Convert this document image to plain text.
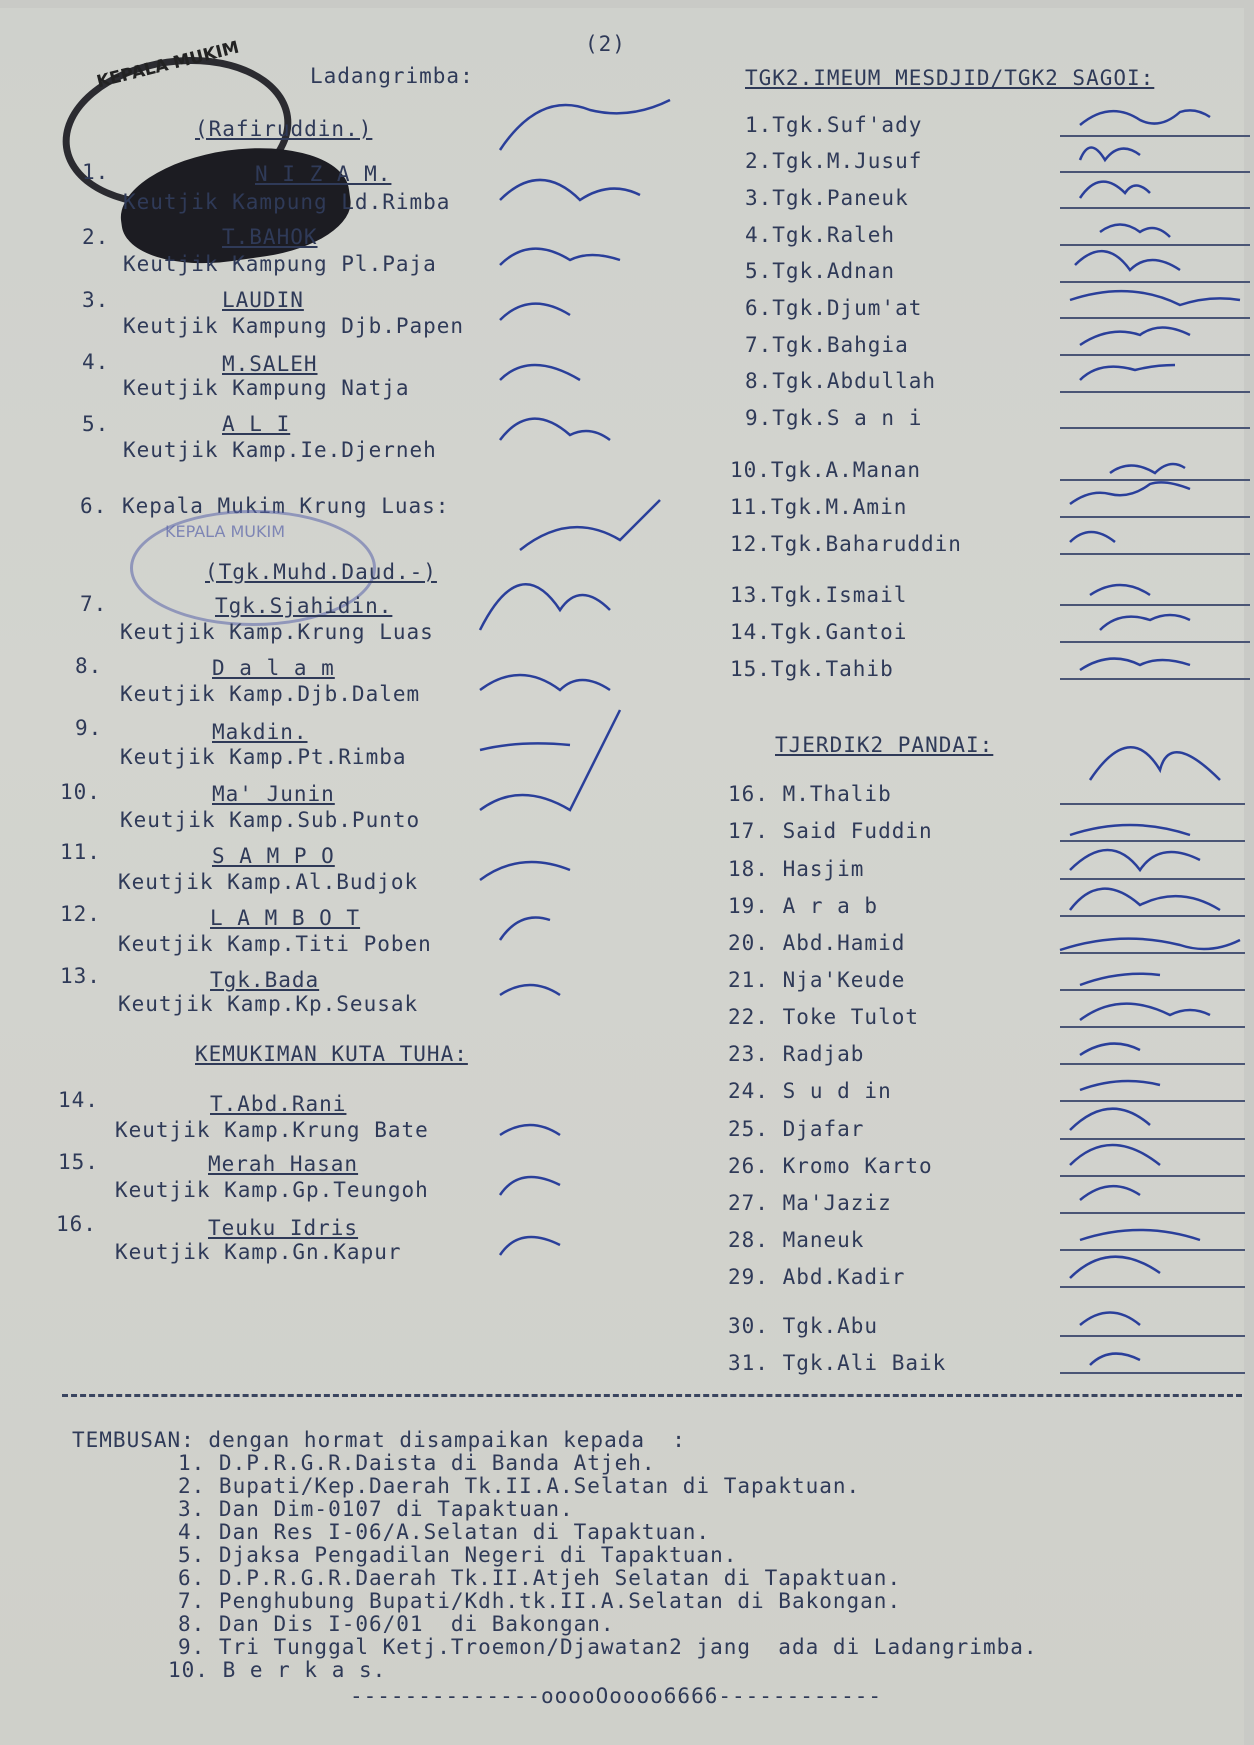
(2)
KEPALA MUKIM	Ladangrimba:
(Rafiruddin.)
1.	N I Z A M.
Keutjik Kampung Ld.Rimba
2.	T.BAHOK
Keutjik Kampung Pl.Paja
3.	LAUDIN
Keutjik Kampung Djb.Papen
4.	M.SALEH
Keutjik Kampung Natja
5.	A L I
Keutjik Kamp.Ie.Djerneh
6. Kepala Mukim Krung Luas:
KEPALA MUKIM
(Tgk.Muhd.Daud.-)
7.	Tgk.Sjahidin.
Keutjik Kamp.Krung Luas
8.	D a l a m
Keutjik Kamp.Djb.Dalem
9.	Makdin.
Keutjik Kamp.Pt.Rimba
10.	Ma' Junin
Keutjik Kamp.Sub.Punto
11.	S A M P O
Keutjik Kamp.Al.Budjok
12.	L A M B O T
Keutjik Kamp.Titi Poben
13.	Tgk.Bada
Keutjik Kamp.Kp.Seusak
KEMUKIMAN KUTA TUHA:
14.	T.Abd.Rani
Keutjik Kamp.Krung Bate
15.	Merah Hasan
Keutjik Kamp.Gp.Teungoh
16.	Teuku Idris
Keutjik Kamp.Gn.Kapur
TGK2.IMEUM MESDJID/TGK2 SAGOI:
1.Tgk.Suf'ady
2.Tgk.M.Jusuf
3.Tgk.Paneuk
4.Tgk.Raleh
5.Tgk.Adnan
6.Tgk.Djum'at
7.Tgk.Bahgia
8.Tgk.Abdullah
9.Tgk.S a n i
10.Tgk.A.Manan
11.Tgk.M.Amin
12.Tgk.Baharuddin
13.Tgk.Ismail
14.Tgk.Gantoi
15.Tgk.Tahib
TJERDIK2 PANDAI:
16. M.Thalib
17. Said Fuddin
18. Hasjim
19. A r a b
20. Abd.Hamid
21. Nja'Keude
22. Toke Tulot
23. Radjab
24. S u d in
25. Djafar
26. Kromo Karto
27. Ma'Jaziz
28. Maneuk
29. Abd.Kadir
30. Tgk.Abu
31. Tgk.Ali Baik
TEMBUSAN: dengan hormat disampaikan kepada  :
1. D.P.R.G.R.Daista di Banda Atjeh.
2. Bupati/Kep.Daerah Tk.II.A.Selatan di Tapaktuan.
3. Dan Dim-0107 di Tapaktuan.
4. Dan Res I-06/A.Selatan di Tapaktuan.
5. Djaksa Pengadilan Negeri di Tapaktuan.
6. D.P.R.G.R.Daerah Tk.II.Atjeh Selatan di Tapaktuan.
7. Penghubung Bupati/Kdh.tk.II.A.Selatan di Bakongan.
8. Dan Dis I-06/01  di Bakongan.
9. Tri Tunggal Ketj.Troemon/Djawatan2 jang  ada di Ladangrimba.
10. B e r k a s.
--------------ooooOoooo6666------------
